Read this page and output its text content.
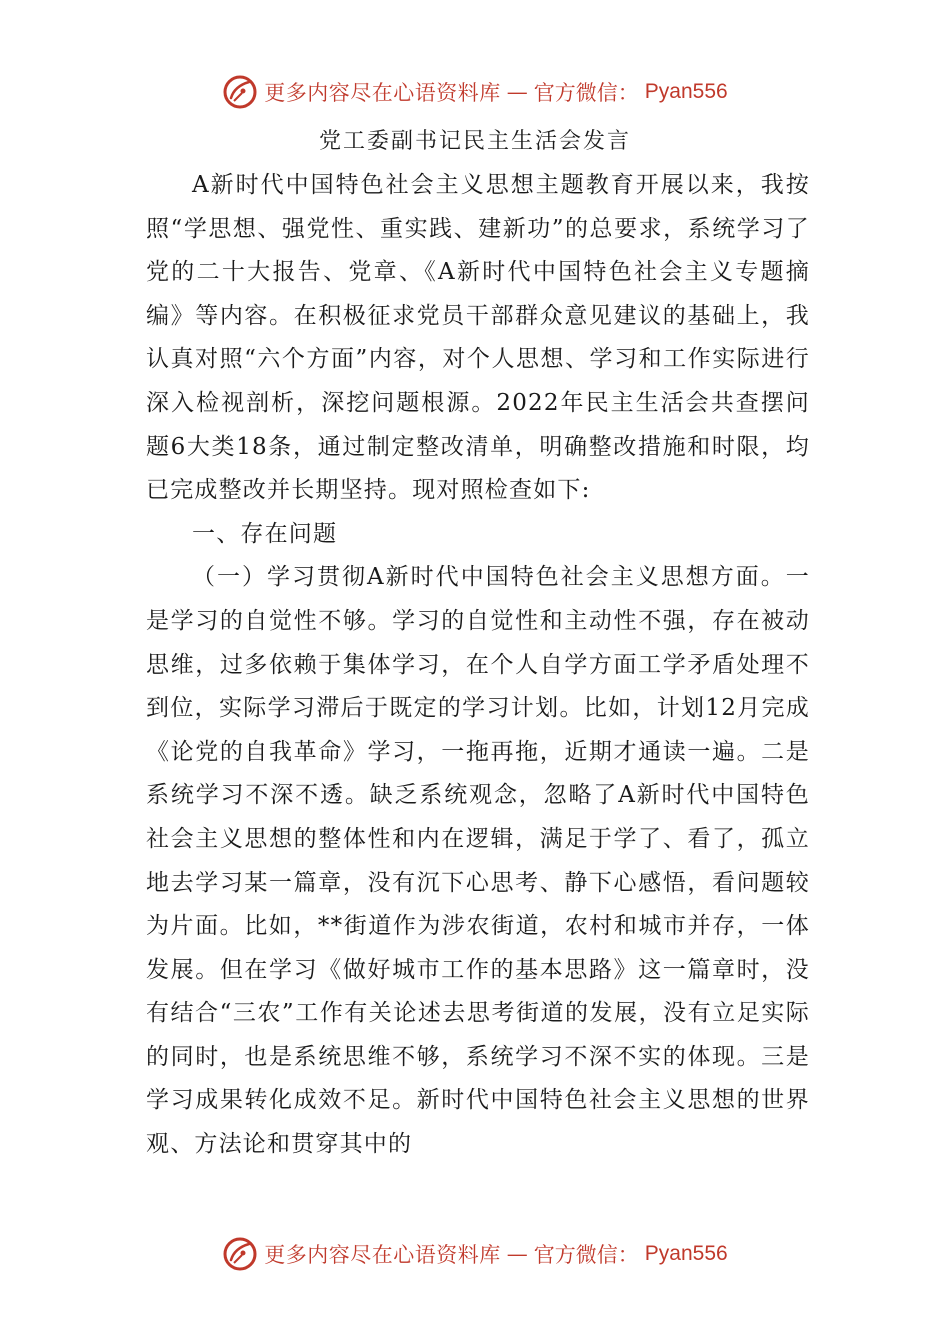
更多内容尽在心语资料库 — 官方微信： Pyan556
党工委副书记民主生活会发言

A新时代中国特色社会主义思想主题教育开展以来，我按照“学思想、强党性、重实践、建新功”的总要求，系统学习了党的二十大报告、党章、《A新时代中国特色社会主义专题摘编》等内容。在积极征求党员干部群众意见建议的基础上，我认真对照“六个方面”内容，对个人思想、学习和工作实际进行深入检视剖析，深挖问题根源。2022年民主生活会共查摆问题6大类18条，通过制定整改清单，明确整改措施和时限，均已完成整改并长期坚持。现对照检查如下:

一、存在问题

（一）学习贯彻A新时代中国特色社会主义思想方面。一是学习的自觉性不够。学习的自觉性和主动性不强，存在被动思维，过多依赖于集体学习，在个人自学方面工学矛盾处理不到位，实际学习滞后于既定的学习计划。比如，计划12月完成《论党的自我革命》学习，一拖再拖，近期才通读一遍。二是系统学习不深不透。缺乏系统观念，忽略了A新时代中国特色社会主义思想的整体性和内在逻辑，满足于学了、看了，孤立地去学习某一篇章，没有沉下心思考、静下心感悟，看问题较为片面。比如，**街道作为涉农街道，农村和城市并存，一体发展。但在学习《做好城市工作的基本思路》这一篇章时，没有结合“三农”工作有关论述去思考街道的发展，没有立足实际的同时，也是系统思维不够，系统学习不深不实的体现。三是学习成果转化成效不足。新时代中国特色社会主义思想的世界观、方法论和贯穿其中的

更多内容尽在心语资料库 — 官方微信： Pyan556
